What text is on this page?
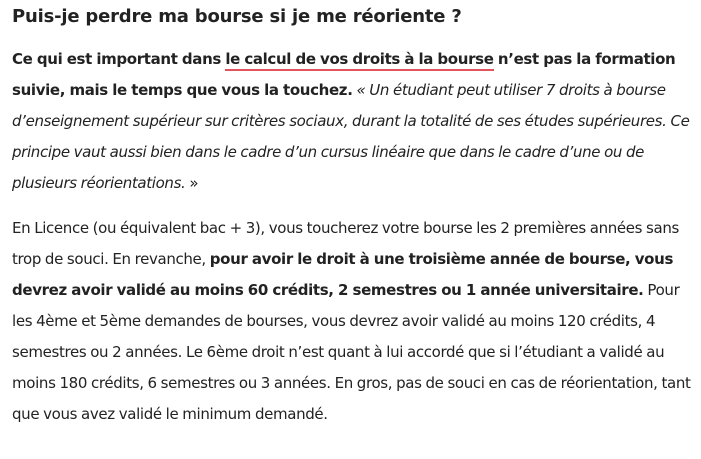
Puis-je perdre ma bourse si je me réoriente ?

Ce qui est important dans le calcul de vos droits à la bourse n’est pas la formation suivie, mais le temps que vous la touchez. « Un étudiant peut utiliser 7 droits à bourse d’enseignement supérieur sur critères sociaux, durant la totalité de ses études supérieures. Ce principe vaut aussi bien dans le cadre d’un cursus linéaire que dans le cadre d’une ou de plusieurs réorientations. »

En Licence (ou équivalent bac + 3), vous toucherez votre bourse les 2 premières années sans trop de souci. En revanche, pour avoir le droit à une troisième année de bourse, vous devrez avoir validé au moins 60 crédits, 2 semestres ou 1 année universitaire. Pour les 4ème et 5ème demandes de bourses, vous devrez avoir validé au moins 120 crédits, 4 semestres ou 2 années. Le 6ème droit n’est quant à lui accordé que si l’étudiant a validé au moins 180 crédits, 6 semestres ou 3 années. En gros, pas de souci en cas de réorientation, tant que vous avez validé le minimum demandé.
